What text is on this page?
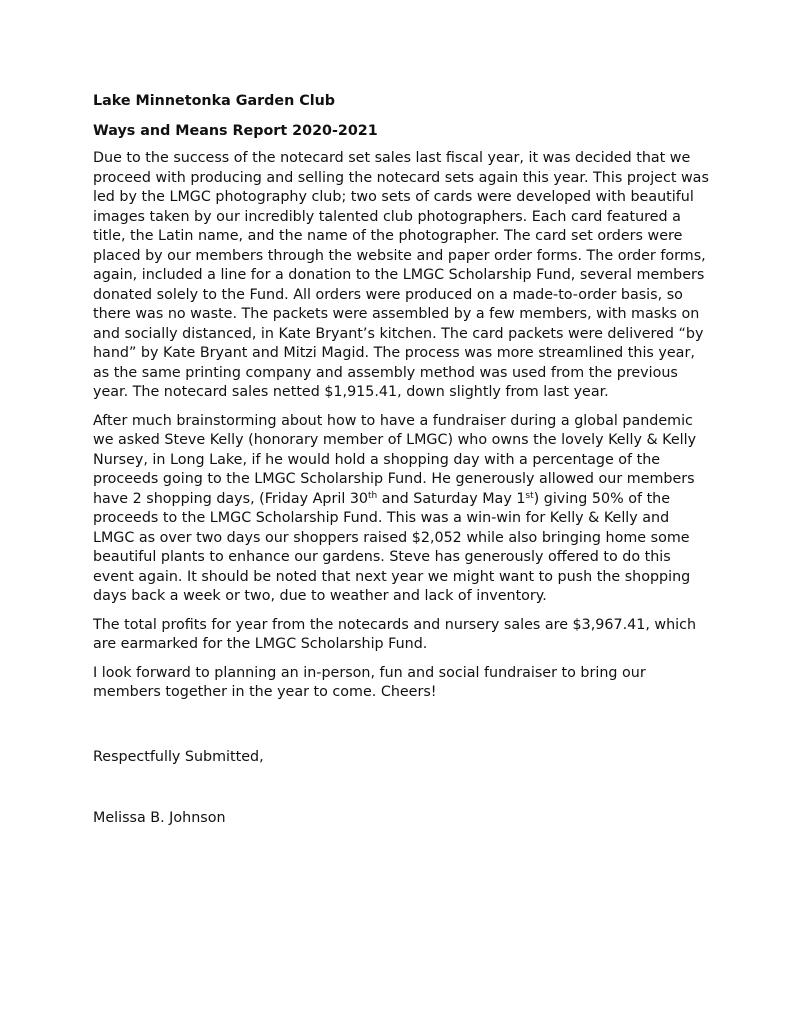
Lake Minnetonka Garden Club
Ways and Means Report 2020-2021

Due to the success of the notecard set sales last fiscal year, it was decided that we proceed with producing and selling the notecard sets again this year. This project was led by the LMGC photography club; two sets of cards were developed with beautiful images taken by our incredibly talented club photographers. Each card featured a title, the Latin name, and the name of the photographer. The card set orders were placed by our members through the website and paper order forms. The order forms, again, included a line for a donation to the LMGC Scholarship Fund, several members donated solely to the Fund. All orders were produced on a made-to-order basis, so there was no waste. The packets were assembled by a few members, with masks on and socially distanced, in Kate Bryant’s kitchen. The card packets were delivered “by hand” by Kate Bryant and Mitzi Magid. The process was more streamlined this year, as the same printing company and assembly method was used from the previous year. The notecard sales netted $1,915.41, down slightly from last year.

After much brainstorming about how to have a fundraiser during a global pandemic we asked Steve Kelly (honorary member of LMGC) who owns the lovely Kelly & Kelly Nursey, in Long Lake, if he would hold a shopping day with a percentage of the proceeds going to the LMGC Scholarship Fund. He generously allowed our members have 2 shopping days, (Friday April 30th and Saturday May 1st) giving 50% of the proceeds to the LMGC Scholarship Fund. This was a win-win for Kelly & Kelly and LMGC as over two days our shoppers raised $2,052 while also bringing home some beautiful plants to enhance our gardens. Steve has generously offered to do this event again. It should be noted that next year we might want to push the shopping days back a week or two, due to weather and lack of inventory.

The total profits for year from the notecards and nursery sales are $3,967.41, which are earmarked for the LMGC Scholarship Fund.

I look forward to planning an in-person, fun and social fundraiser to bring our members together in the year to come. Cheers!

Respectfully Submitted,
Melissa B. Johnson
